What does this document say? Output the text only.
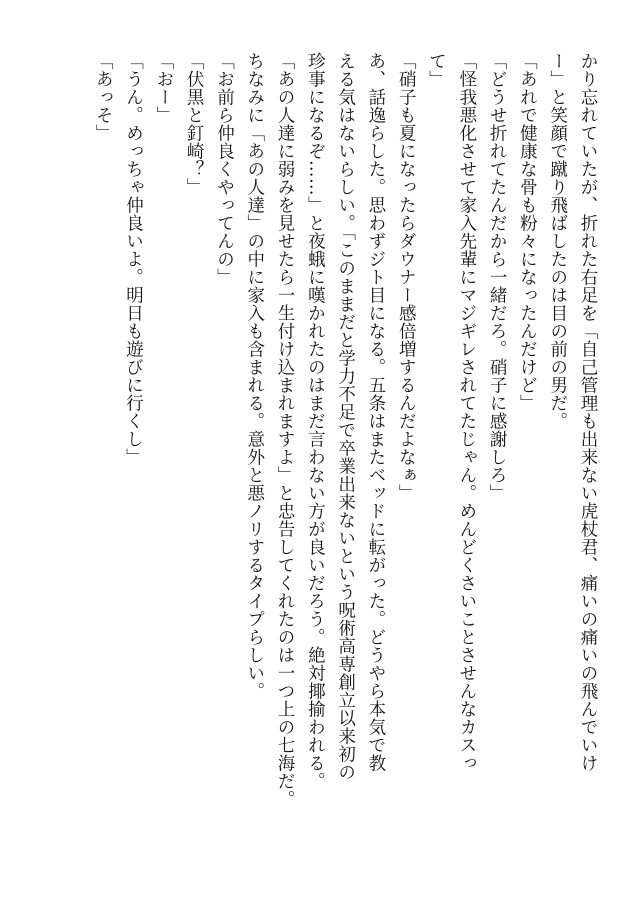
かり忘れていたが、折れた右足を「自己管理も出来ない虎杖君、痛いの痛いの飛んでいけ
ー」と笑顔で蹴り飛ばしたのは目の前の男だ。
「あれで健康な骨も粉々になったんだけど」
「どうせ折れてたんだから一緒だろ。硝子に感謝しろ」
「怪我悪化させて家入先輩にマジギレされてたじゃん。めんどくさいことさせんなカスっ
て」
「硝子も夏になったらダウナー感倍増するんだよなぁ」
あ、話逸らした。思わずジト目になる。五条はまたベッドに転がった。どうやら本気で教
える気はないらしい。「このままだと学力不足で卒業出来ないという呪術高専創立以来初の
珍事になるぞ……」と夜蛾に嘆かれたのはまだ言わない方が良いだろう。絶対揶揄われる。
「あの人達に弱みを見せたら一生付け込まれますよ」と忠告してくれたのは一つ上の七海だ。
ちなみに「あの人達」の中に家入も含まれる。意外と悪ノリするタイプらしい。
「お前ら仲良くやってんの」
「伏黒と釘崎？」
「おー」
「うん。めっちゃ仲良いよ。明日も遊びに行くし」
「あっそ」
